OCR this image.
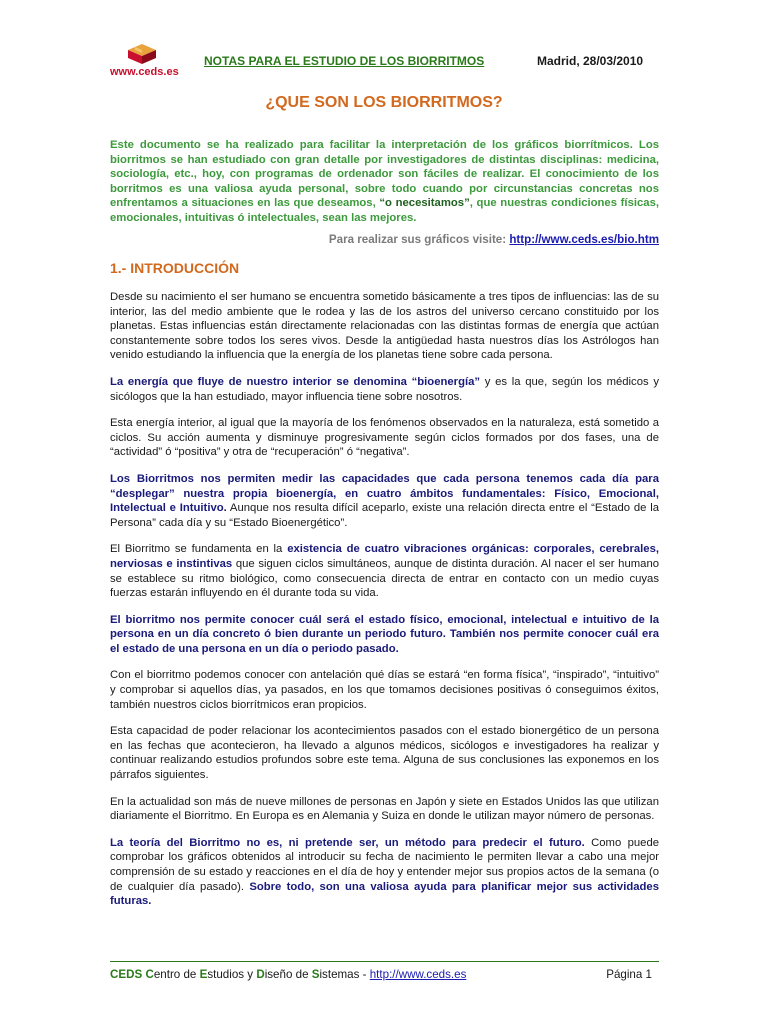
www.ceds.es
NOTAS PARA EL ESTUDIO DE LOS BIORRITMOS	Madrid, 28/03/2010
¿QUE SON LOS BIORRITMOS?
Este documento se ha realizado para facilitar la interpretación de los gráficos biorrítmicos. Los biorritmos se han estudiado con gran detalle por investigadores de distintas disciplinas: medicina, sociología, etc., hoy, con programas de ordenador son fáciles de realizar. El conocimiento de los borritmos es una valiosa ayuda personal, sobre todo cuando por circunstancias concretas nos enfrentamos a situaciones en las que deseamos, “o necesitamos”, que nuestras condiciones físicas, emocionales, intuitivas ó intelectuales, sean las mejores.
Para realizar sus gráficos visite: http://www.ceds.es/bio.htm
1.- INTRODUCCIÓN

Desde su nacimiento el ser humano se encuentra sometido básicamente a tres tipos de influencias: las de su interior, las del medio ambiente que le rodea y las de los astros del universo cercano constituido por los planetas. Estas influencias están directamente relacionadas con las distintas formas de energía que actúan constantemente sobre todos los seres vivos. Desde la antigüedad hasta nuestros días los Astrólogos han venido estudiando la influencia que la energía de los planetas tiene sobre cada persona.

La energía que fluye de nuestro interior se denomina “bioenergía” y es la que, según los médicos y sicólogos que la han estudiado, mayor influencia tiene sobre nosotros.

Esta energía interior, al igual que la mayoría de los fenómenos observados en la naturaleza, está sometido a ciclos. Su acción aumenta y disminuye progresivamente según ciclos formados por dos fases, una de “actividad” ó “positiva” y otra de “recuperación” ó “negativa”.

Los Biorritmos nos permiten medir las capacidades que cada persona tenemos cada día para “desplegar” nuestra propia bioenergía, en cuatro ámbitos fundamentales: Físico, Emocional, Intelectual e Intuitivo. Aunque nos resulta difícil aceparlo, existe una relación directa entre el “Estado de la Persona” cada día y su “Estado Bioenergético”.

El Biorritmo se fundamenta en la existencia de cuatro vibraciones orgánicas: corporales, cerebrales, nerviosas e instintivas que siguen ciclos simultáneos, aunque de distinta duración. Al nacer el ser humano se establece su ritmo biológico, como consecuencia directa de entrar en contacto con un medio cuyas fuerzas estarán influyendo en él durante toda su vida.

El biorritmo nos permite conocer cuál será el estado físico, emocional, intelectual e intuitivo de la persona en un día concreto ó bien durante un periodo futuro. También nos permite conocer cuál era el estado de una persona en un día o periodo pasado.

Con el biorritmo podemos conocer con antelación qué días se estará “en forma física”, “inspirado”, “intuitivo” y comprobar si aquellos días, ya pasados, en los que tomamos decisiones positivas ó conseguimos éxitos, también nuestros ciclos biorrítmicos eran propicios.

Esta capacidad de poder relacionar los acontecimientos pasados con el estado bionergético de un persona en las fechas que acontecieron, ha llevado a algunos médicos, sicólogos e investigadores ha realizar y continuar realizando estudios profundos sobre este tema. Alguna de sus conclusiones las exponemos en los párrafos siguientes.

En la actualidad son más de nueve millones de personas en Japón y siete en Estados Unidos las que utilizan diariamente el Biorritmo. En Europa es en Alemania y Suiza en donde le utilizan mayor número de personas.

La teoría del Biorritmo no es, ni pretende ser, un método para predecir el futuro. Como puede comprobar los gráficos obtenidos al introducir su fecha de nacimiento le permiten llevar a cabo una mejor comprensión de su estado y reacciones en el día de hoy y entender mejor sus propios actos de la semana (o de cualquier día pasado). Sobre todo, son una valiosa ayuda para planificar mejor sus actividades futuras.

CEDS Centro de Estudios y Diseño de Sistemas - http://www.ceds.es	Página 1
